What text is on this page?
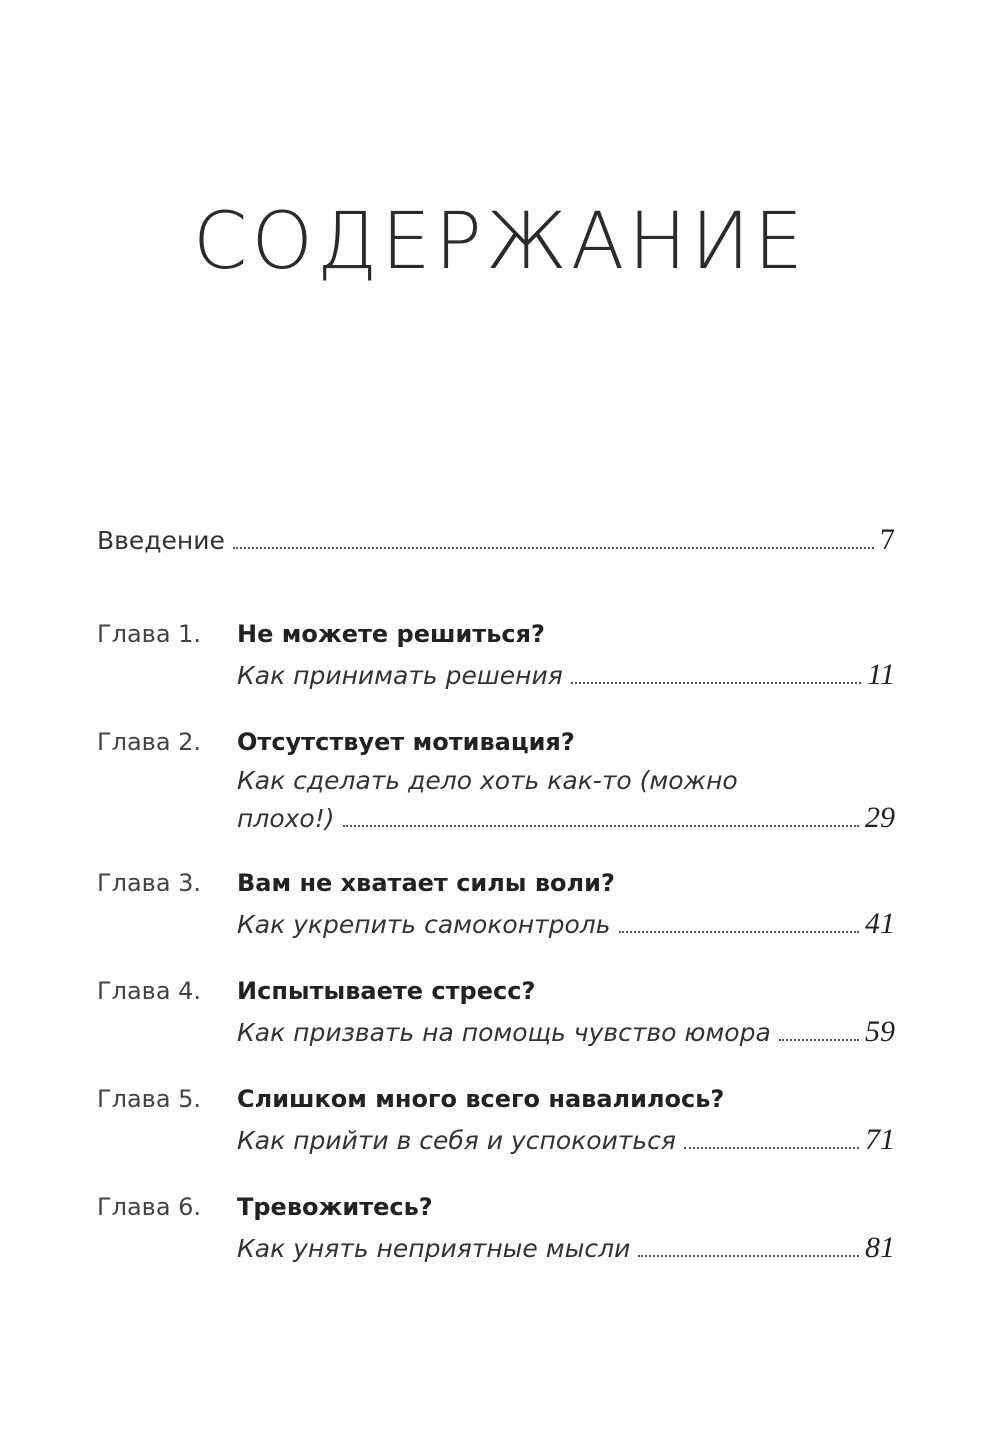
СОДЕРЖАНИЕ
Введение	7
Глава 1. Не можете решиться?
Как принимать решения	11
Глава 2. Отсутствует мотивация?
Как сделать дело хоть как-то (можно
плохо!)	29
Глава 3. Вам не хватает силы воли?
Как укрепить самоконтроль	41
Глава 4. Испытываете стресс?
Как призвать на помощь чувство юмора	59
Глава 5. Слишком много всего навалилось?
Как прийти в себя и успокоиться	71
Глава 6. Тревожитесь?
Как унять неприятные мысли	81
